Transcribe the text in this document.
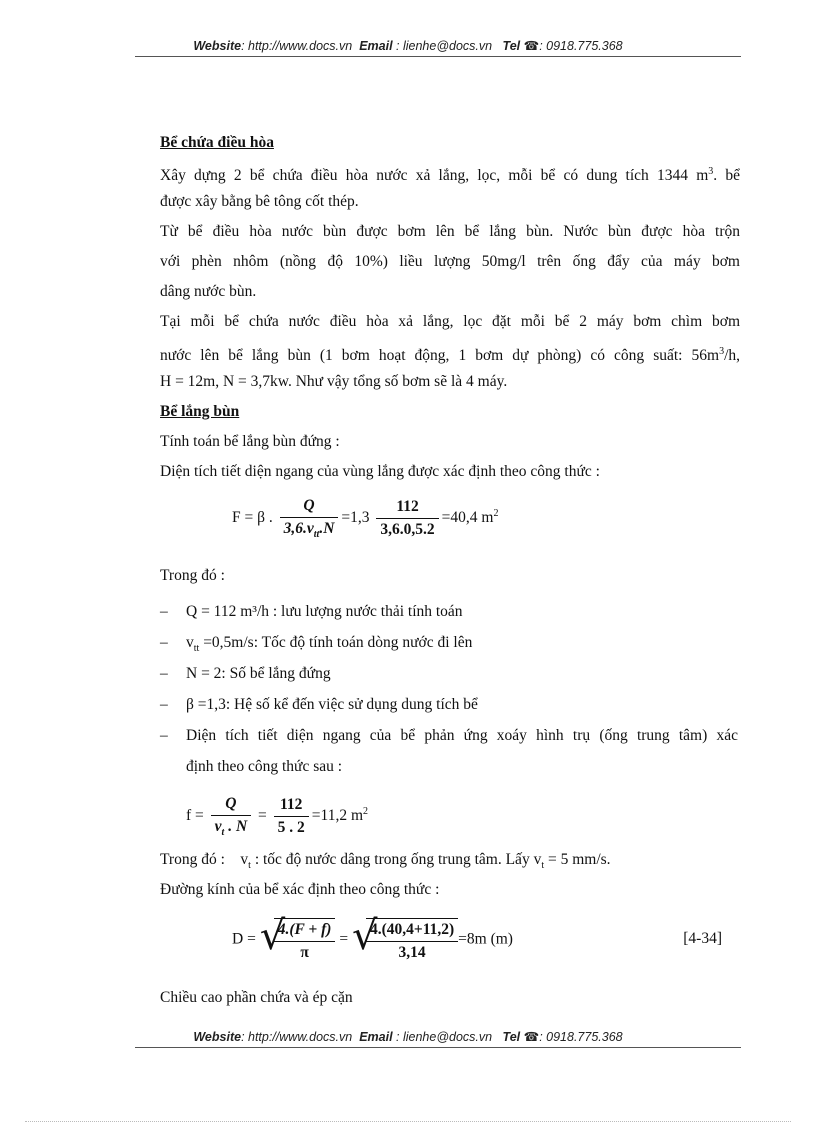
Website: http://www.docs.vn Email : lienhe@docs.vn Tel ☎: 0918.775.368
Bể chứa điều hòa
Xây dựng 2 bể chứa điều hòa nước xả lắng, lọc, mỗi bể có dung tích 1344 $m^3$. bể
được xây bằng bê tông cốt thép.
Từ bể điều hòa nước bùn được bơm lên bể lắng bùn. Nước bùn được hòa trộn
với phèn nhôm (nồng độ 10%) liều lượng 50mg/l trên ống đẩy của máy bơm
dâng nước bùn.
Tại mỗi bể chứa nước điều hòa xả lắng, lọc đặt mỗi bể 2 máy bơm chìm bơm
nước lên bể lắng bùn (1 bơm hoạt động, 1 bơm dự phòng) có công suất: $56m^3/h$,
H = 12m, N = 3,7kw. Như vậy tổng số bơm sẽ là 4 máy.
Bể lắng bùn
Tính toán bể lắng bùn đứng :
Diện tích tiết diện ngang của vùng lắng được xác định theo công thức :
F = β . $\frac{Q}{3,6.v_{tt}.N} =1,3 \frac{112}{3,6.0,5.2} =40,4$ $m^2$
Trong đó :
– Q = 112 m³/h : lưu lượng nước thải tính toán
– $v_{tt} =0,5m/s$: Tốc độ tính toán dòng nước đi lên
– N = 2: Số bể lắng đứng
– β =1,3: Hệ số kể đến việc sử dụng dung tích bể
– Diện tích tiết diện ngang của bể phản ứng xoáy hình trụ (ống trung tâm) xác
định theo công thức sau :
$f = \frac{Q}{v_t . N} = \frac{112}{5 . 2} =11,2$ $m^2$
Trong đó : $v_t$ : tốc độ nước dâng trong ống trung tâm. Lấy $v_t = 5$ mm/s.
Đường kính của bể xác định theo công thức :
D = √
$\frac{4.(F + f)}{\pi}$ = √
$\frac{4.(40,4+11,2)}{3,14} =8m$ (m)	[4-34]
Chiều cao phần chứa và ép cặn
Website: http://www.docs.vn Email : lienhe@docs.vn Tel ☎: 0918.775.368
